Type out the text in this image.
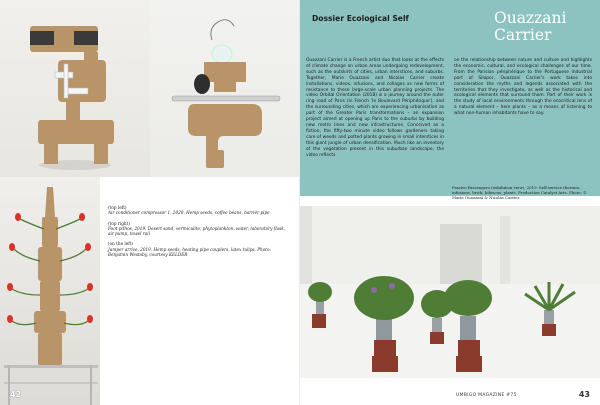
(top left)
Air conditioner compressor 1, 2020. Hemp seeds, coffee beans, barrier pipe

(top right)
Foot pithos, 2019. Desert sand, vermiculite, phytoplankton, water, laboratory flask, air pump, towel rail

(on the left)
Jumper arrive, 2019. Hemp seeds, heating pipe couplers, latex tulips. Photo: Benjamin Westoby, courtesy KELDER

42
Dossier Ecological Self	Ouazzani Carrier
Ouazzani Carrier is a French artist duo that looks at the effects of climate change on urban areas undergoing redevelopment, such as the outskirts of cities, urban interstices, and suburbs. Together, Marie Ouazzani and Nicolas Carrier create installations, videos, infusions, and collages as new forms of resistance to these large-scale urban planning projects. The video Orbital Orientation (2018) is a journey around the outer ring road of Paris (in French 'le Boulevard Périphérique'), and the surrounding cities, which are experiencing urbanisation as part of the Greater Paris transformations – an expansion project aimed at opening up Paris to the suburbs by building new metro lines and new infrastructures. Conceived as a fiction, the fifty-two minute video follows gardeners taking care of weeds and potted plants growing in small interstices in this giant jungle of urban densification. Much like an inventory of the vegetation present in this suburban landscape, the video reflects
on the relationship between nature and culture and highlights the economic, cultural, and ecological challenges of our time. From the Parisian périphérique to the Portuguese industrial port of Silopor, Ouazzani Carrier's work takes into consideration the myths and legends associated with the territories that they investigate, as well as the historical and ecological elements that surround them. Part of their work is the study of local environments through the ecocritical lens of a natural element – here plants – as a means of listening to what non-human inhabitants have to say.
Passive Passengers (exhibition view), 2019. Self-service thermos, infusions, brick, hibiscus, plants. Production Catalyst Arts. Photo: © Marie Ouazzani & Nicolas Carrier
UMBIGO MAGAZINE #75	43
